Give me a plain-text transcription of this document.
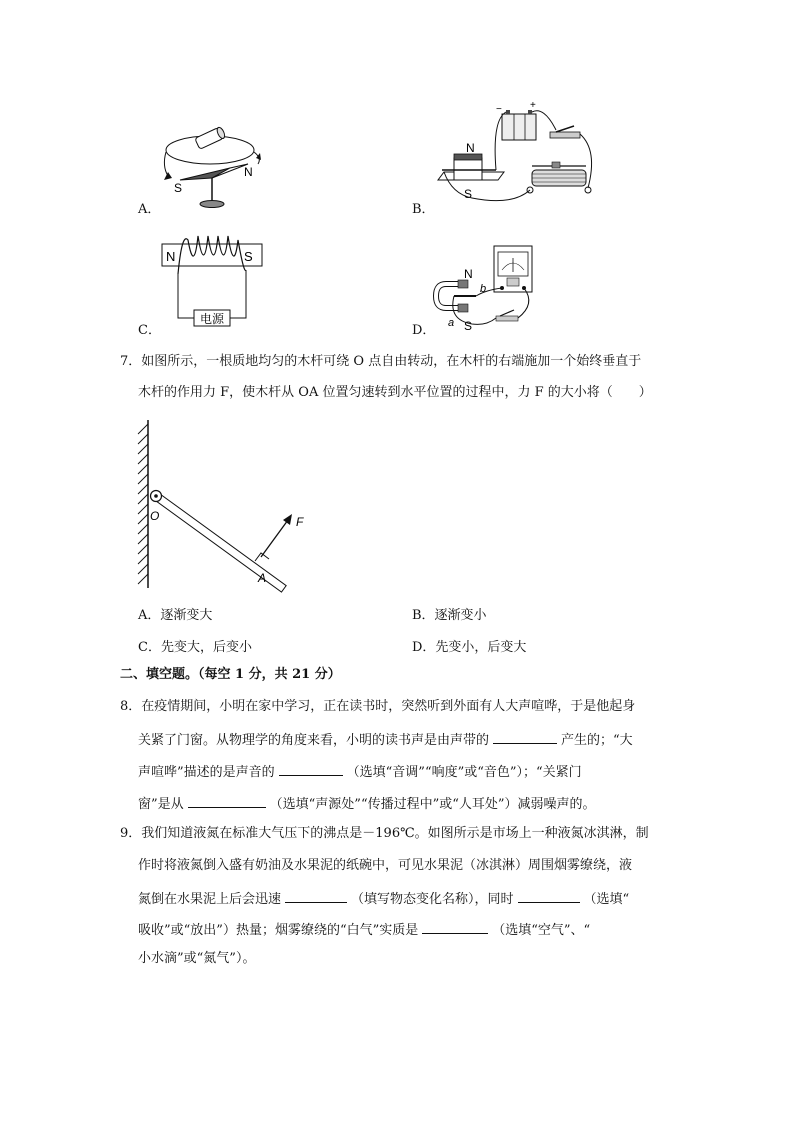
S
N
A．
−	+
N
S
B．
N	S
电源
C．
N
S
a
b
D．
7．如图所示，一根质地均匀的木杆可绕 O 点自由转动，在木杆的右端施加一个始终垂直于
木杆的作用力 F，使木杆从 OA 位置匀速转到水平位置的过程中，力 F 的大小将（　　）
O	F
A
A．逐渐变大	B．逐渐变小
C．先变大，后变小	D．先变小，后变大
二、填空题。（每空 1 分，共 21 分）
8．在疫情期间，小明在家中学习，正在读书时，突然听到外面有人大声喧哗，于是他起身
关紧了门窗。从物理学的角度来看，小明的读书声是由声带的	产生的；“大
声喧哗”描述的是声音的	（选填“音调”“响度”或“音色”）；“关紧门
窗”是从	（选填“声源处”“传播过程中”或“人耳处”）减弱噪声的。
9．我们知道液氮在标准大气压下的沸点是－196℃。如图所示是市场上一种液氮冰淇淋，制
作时将液氮倒入盛有奶油及水果泥的纸碗中，可见水果泥（冰淇淋）周围烟雾缭绕，液
氮倒在水果泥上后会迅速	（填写物态变化名称），同时	（选填“
吸收”或“放出”）热量；烟雾缭绕的“白气”实质是	（选填“空气”、“
小水滴”或“氮气”）。
